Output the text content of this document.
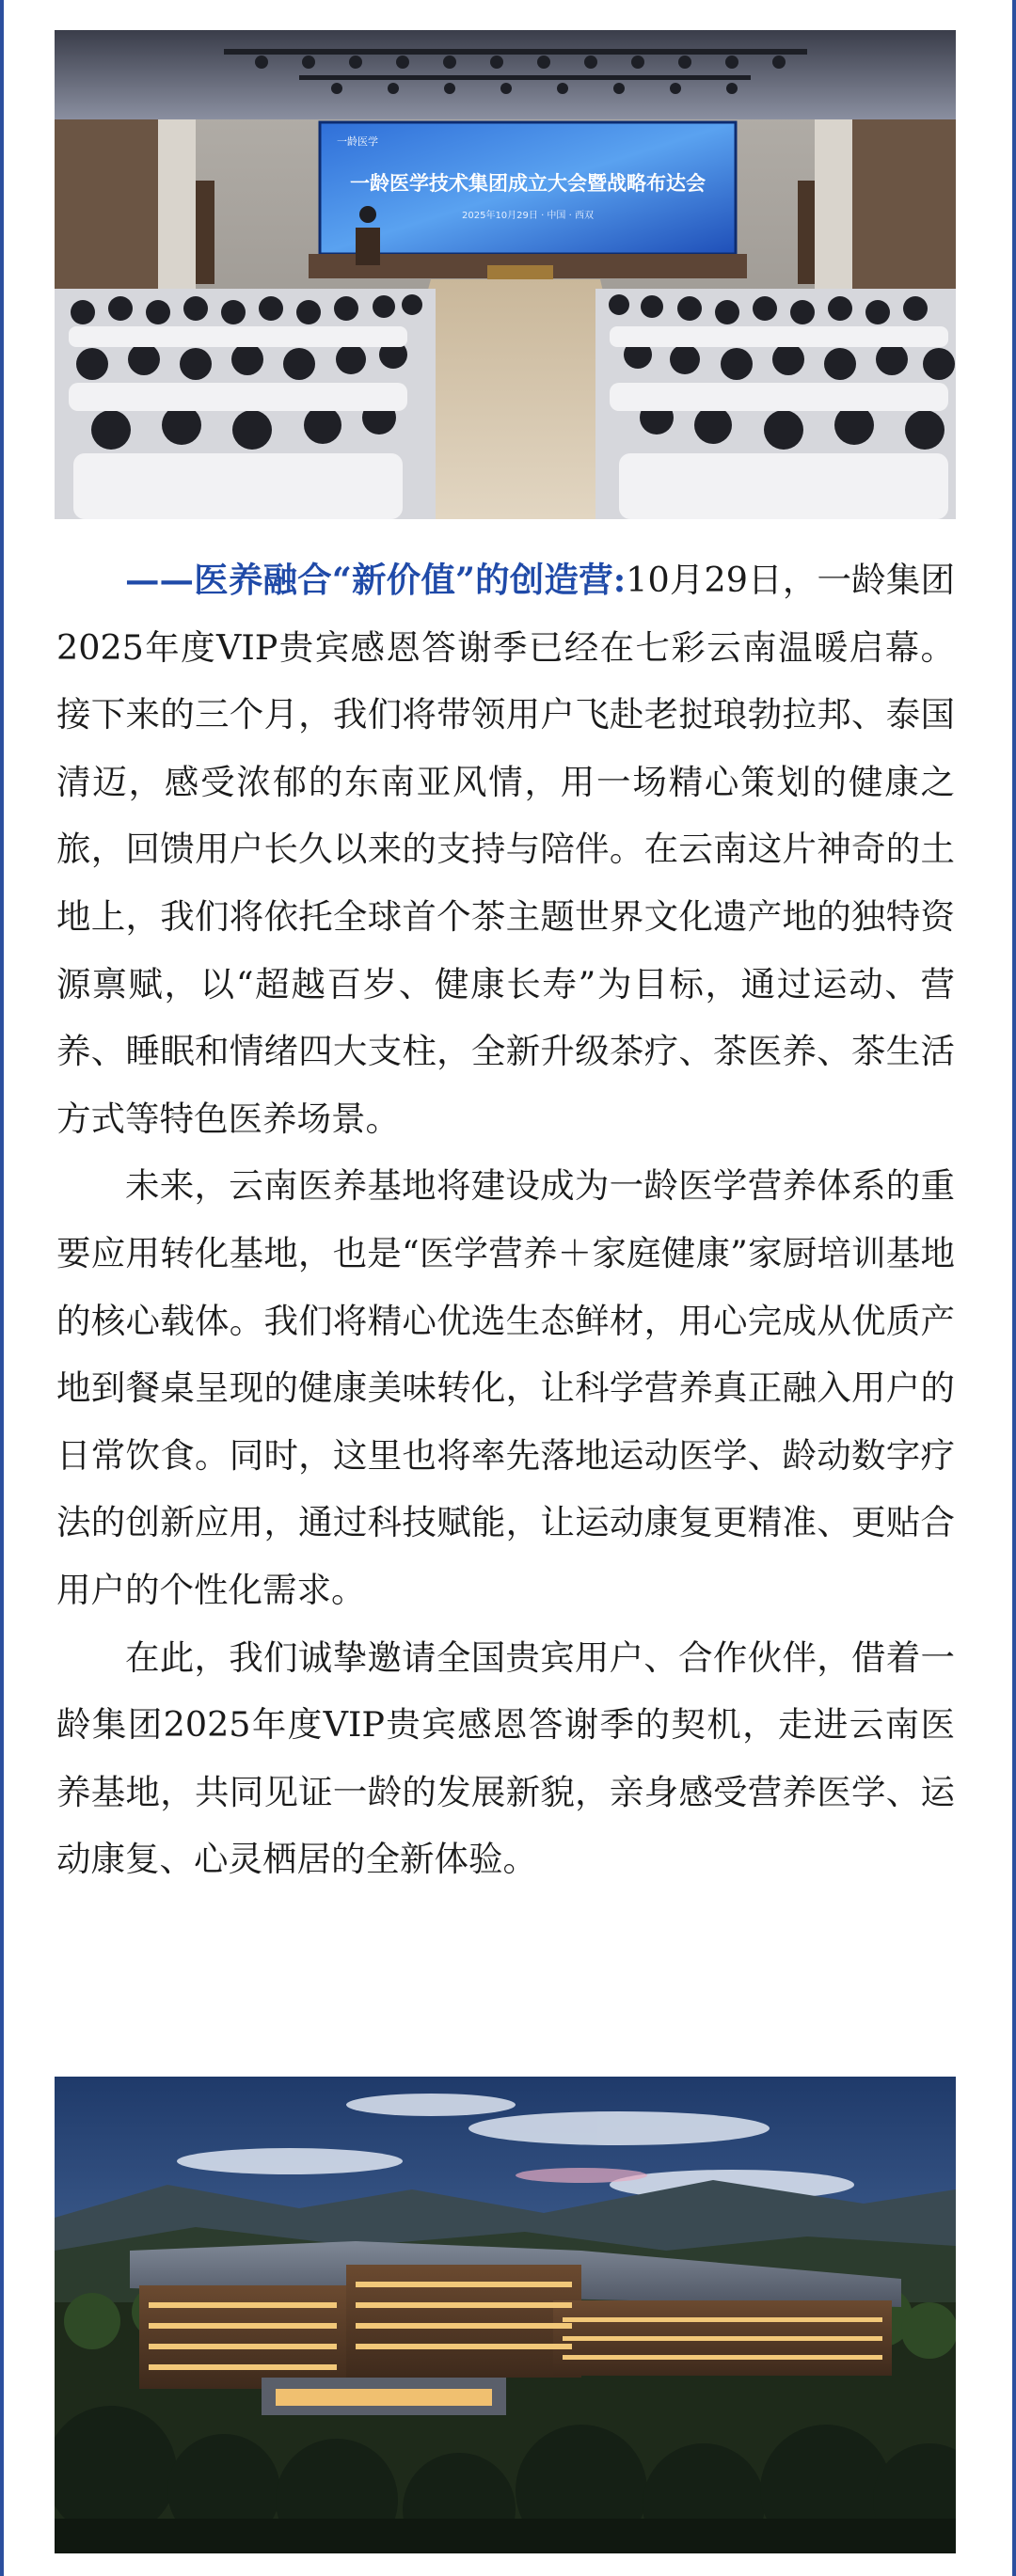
一龄医学
一龄医学技术集团成立大会暨战略布达会
2025年10月29日 · 中国 · 西双

——医养融合“新价值”的创造营:10月29日，一龄集团2025年度VIP贵宾感恩答谢季已经在七彩云南温暖启幕。接下来的三个月，我们将带领用户飞赴老挝琅勃拉邦、泰国清迈，感受浓郁的东南亚风情，用一场精心策划的健康之旅，回馈用户长久以来的支持与陪伴。在云南这片神奇的土地上，我们将依托全球首个茶主题世界文化遗产地的独特资源禀赋，以“超越百岁、健康长寿”为目标，通过运动、营养、睡眠和情绪四大支柱，全新升级茶疗、茶医养、茶生活方式等特色医养场景。

未来，云南医养基地将建设成为一龄医学营养体系的重要应用转化基地，也是“医学营养＋家庭健康”家厨培训基地的核心载体。我们将精心优选生态鲜材，用心完成从优质产地到餐桌呈现的健康美味转化，让科学营养真正融入用户的日常饮食。同时，这里也将率先落地运动医学、龄动数字疗法的创新应用，通过科技赋能，让运动康复更精准、更贴合用户的个性化需求。

在此，我们诚挚邀请全国贵宾用户、合作伙伴，借着一龄集团2025年度VIP贵宾感恩答谢季的契机，走进云南医养基地，共同见证一龄的发展新貌，亲身感受营养医学、运动康复、心灵栖居的全新体验。
